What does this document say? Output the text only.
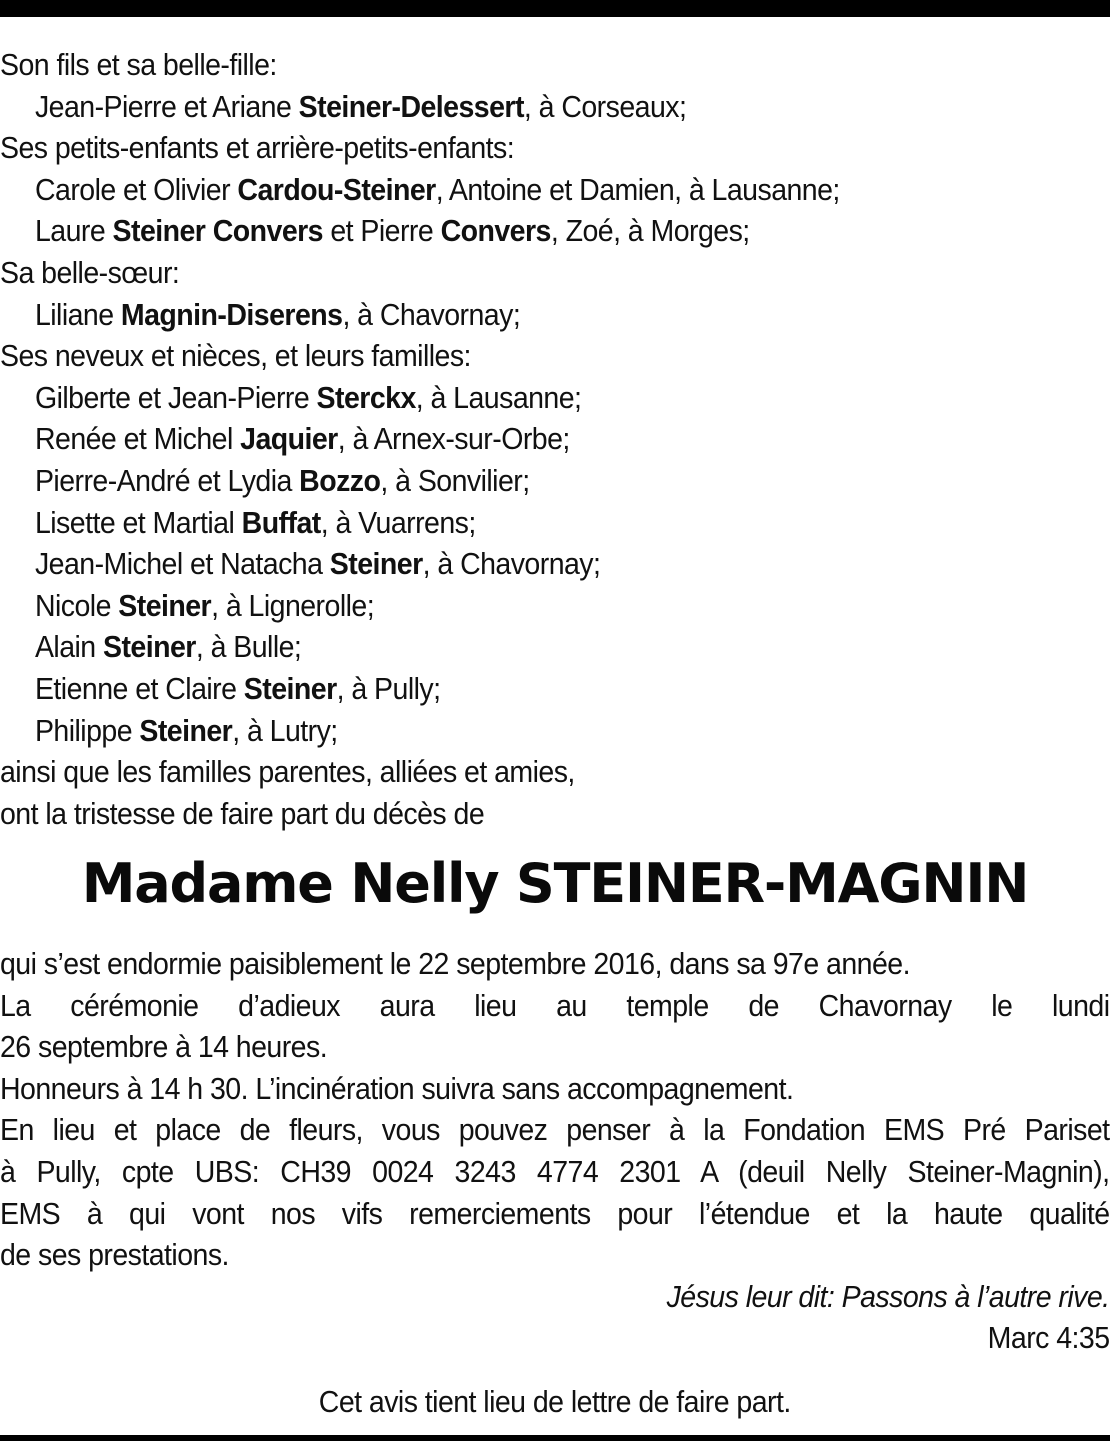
Son fils et sa belle-fille:
Jean-Pierre et Ariane Steiner-Delessert, à Corseaux;
Ses petits-enfants et arrière-petits-enfants:
Carole et Olivier Cardou-Steiner, Antoine et Damien, à Lausanne;
Laure Steiner Convers et Pierre Convers, Zoé, à Morges;
Sa belle-sœur:
Liliane Magnin-Diserens, à Chavornay;
Ses neveux et nièces, et leurs familles:
Gilberte et Jean-Pierre Sterckx, à Lausanne;
Renée et Michel Jaquier, à Arnex-sur-Orbe;
Pierre-André et Lydia Bozzo, à Sonvilier;
Lisette et Martial Buffat, à Vuarrens;
Jean-Michel et Natacha Steiner, à Chavornay;
Nicole Steiner, à Lignerolle;
Alain Steiner, à Bulle;
Etienne et Claire Steiner, à Pully;
Philippe Steiner, à Lutry;
ainsi que les familles parentes, alliées et amies,
ont la tristesse de faire part du décès de
Madame Nelly STEINER-MAGNIN
qui s’est endormie paisiblement le 22 septembre 2016, dans sa 97e année.
La cérémonie d’adieux aura lieu au temple de Chavornay le lundi
26 septembre à 14 heures.
Honneurs à 14 h 30. L’incinération suivra sans accompagnement.
En lieu et place de fleurs, vous pouvez penser à la Fondation EMS Pré Pariset
à Pully, cpte UBS: CH39 0024 3243 4774 2301 A (deuil Nelly Steiner-Magnin),
EMS à qui vont nos vifs remerciements pour l’étendue et la haute qualité
de ses prestations.
Jésus leur dit: Passons à l’autre rive.
Marc 4:35
Cet avis tient lieu de lettre de faire part.
